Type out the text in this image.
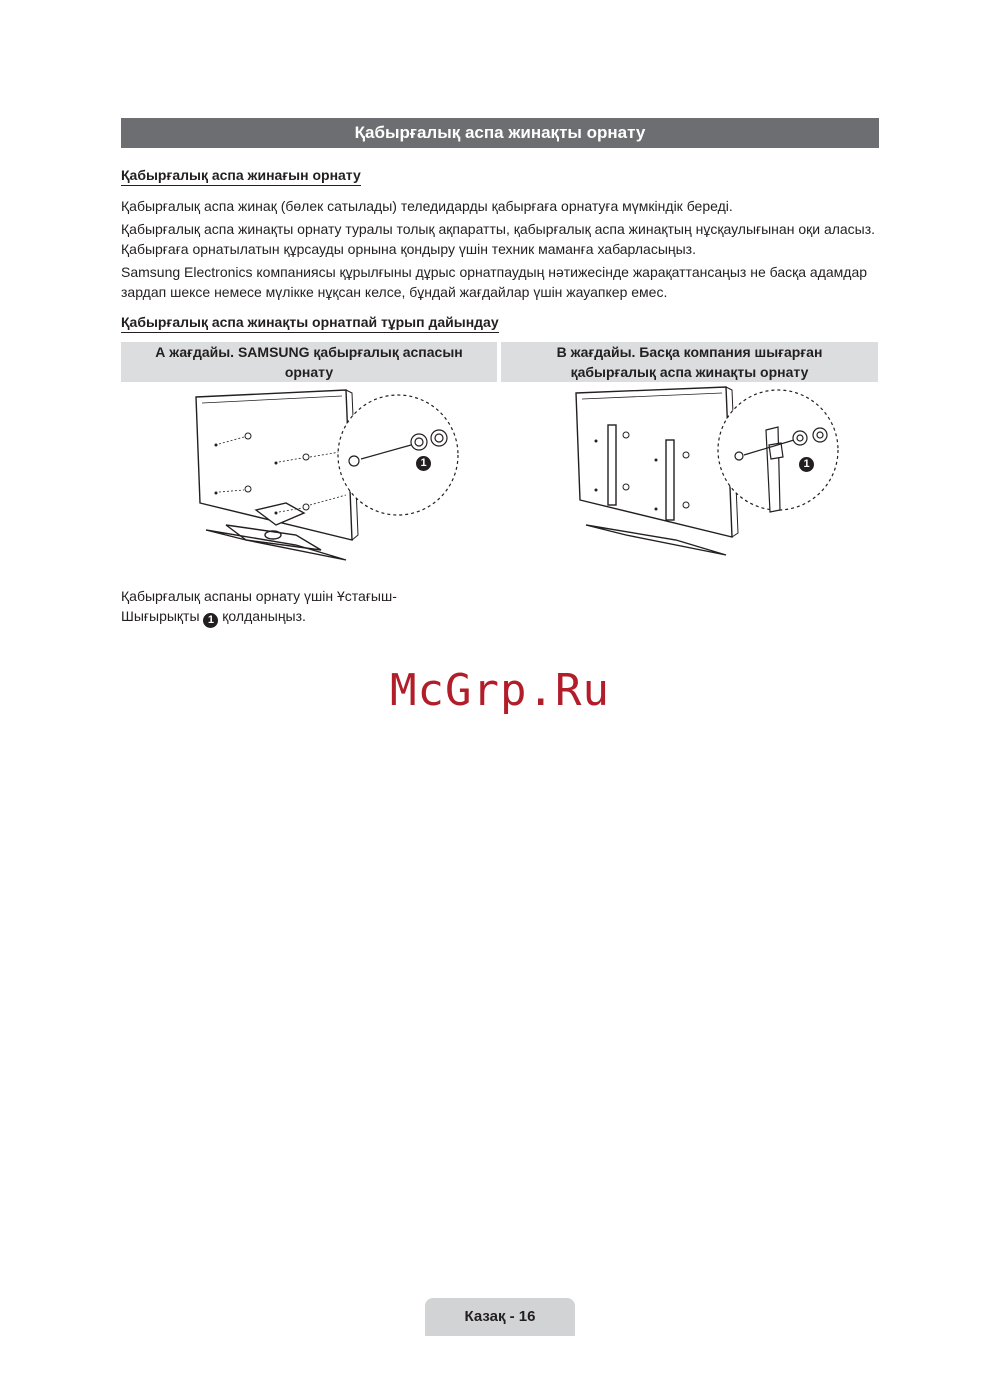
Қабырғалық аспа жинақты орнату
Қабырғалық аспа жинағын орнату

Қабырғалық аспа жинақ (бөлек сатылады) теледидарды қабырғаға орнатуға мүмкіндік береді.

Қабырғалық аспа жинақты орнату туралы толық ақпаратты, қабырғалық аспа жинақтың нұсқаулығынан оқи аласыз. Қабырғаға орнатылатын құрсауды орнына қондыру үшін техник маманға хабарласыңыз.

Samsung Electronics компаниясы құрылғыны дұрыс орнатпаудың нәтижесінде жарақаттансаңыз не басқа адамдар зардап шексе немесе мүлікке нұқсан келсе, бұндай жағдайлар үшін жауапкер емес.

Қабырғалық аспа жинақты орнатпай тұрып дайындау
А жағдайы. SAMSUNG қабырғалық аспасын
орнату
В жағдайы. Басқа компания шығарған
қабырғалық аспа жинақты орнату
1	1
Қабырғалық аспаны орнату үшін Ұстағыш-
Шығырықты 1 қолданыңыз.
McGrp.Ru
Казақ - 16
